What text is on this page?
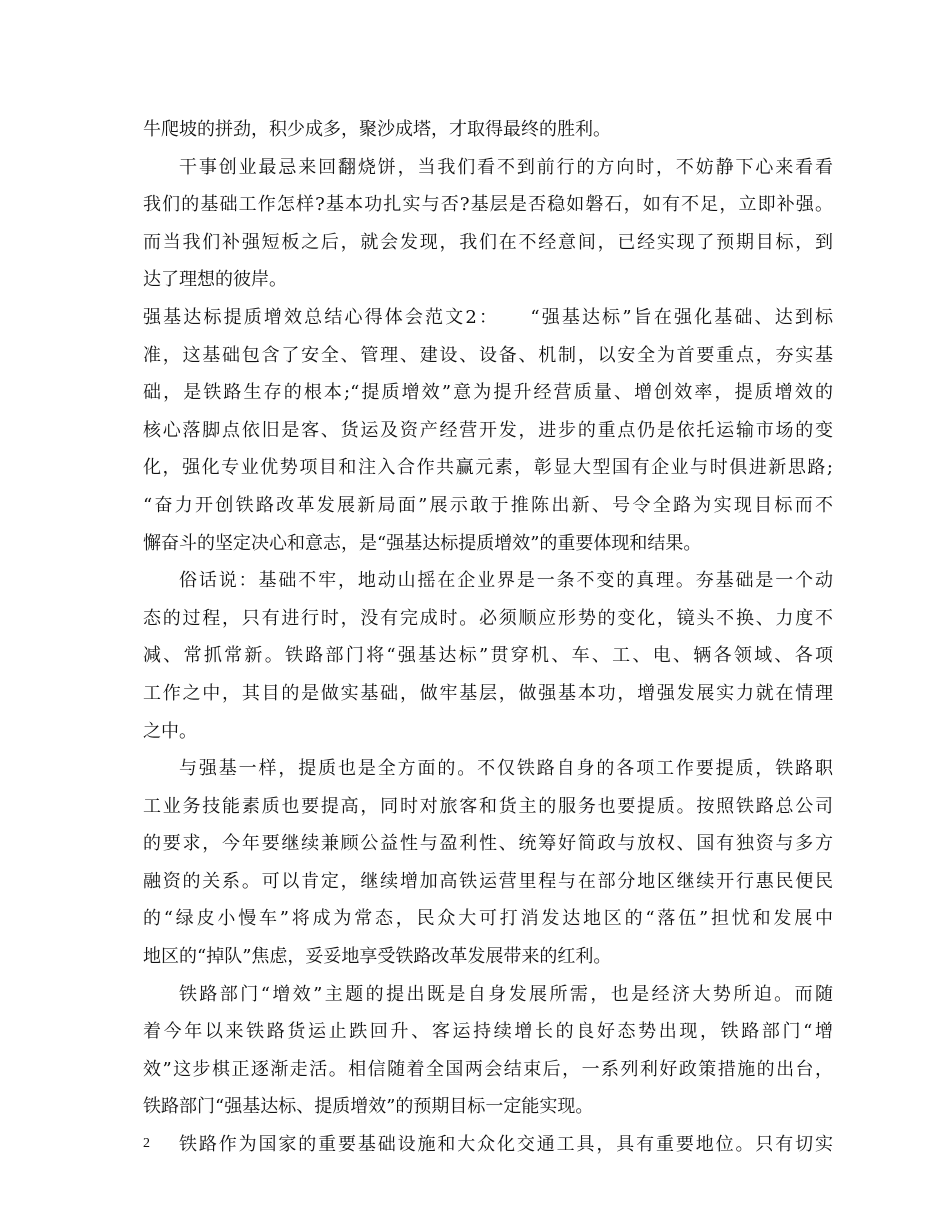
牛爬坡的拼劲，积少成多，聚沙成塔，才取得最终的胜利。
干事创业最忌来回翻烧饼，当我们看不到前行的方向时，不妨静下心来看看
我们的基础工作怎样?基本功扎实与否?基层是否稳如磐石，如有不足，立即补强。
而当我们补强短板之后，就会发现，我们在不经意间，已经实现了预期目标，到
达了理想的彼岸。
强基达标提质增效总结心得体会范文2：　　“强基达标”旨在强化基础、达到标
准，这基础包含了安全、管理、建设、设备、机制，以安全为首要重点，夯实基
础，是铁路生存的根本;“提质增效”意为提升经营质量、增创效率，提质增效的
核心落脚点依旧是客、货运及资产经营开发，进步的重点仍是依托运输市场的变
化，强化专业优势项目和注入合作共赢元素，彰显大型国有企业与时俱进新思路;
“奋力开创铁路改革发展新局面”展示敢于推陈出新、号令全路为实现目标而不
懈奋斗的坚定决心和意志，是“强基达标提质增效”的重要体现和结果。
俗话说：基础不牢，地动山摇在企业界是一条不变的真理。夯基础是一个动
态的过程，只有进行时，没有完成时。必须顺应形势的变化，镜头不换、力度不
减、常抓常新。铁路部门将“强基达标”贯穿机、车、工、电、辆各领域、各项
工作之中，其目的是做实基础，做牢基层，做强基本功，增强发展实力就在情理
之中。
与强基一样，提质也是全方面的。不仅铁路自身的各项工作要提质，铁路职
工业务技能素质也要提高，同时对旅客和货主的服务也要提质。按照铁路总公司
的要求，今年要继续兼顾公益性与盈利性、统筹好简政与放权、国有独资与多方
融资的关系。可以肯定，继续增加高铁运营里程与在部分地区继续开行惠民便民
的“绿皮小慢车”将成为常态，民众大可打消发达地区的“落伍”担忧和发展中
地区的“掉队”焦虑，妥妥地享受铁路改革发展带来的红利。
铁路部门“增效”主题的提出既是自身发展所需，也是经济大势所迫。而随
着今年以来铁路货运止跌回升、客运持续增长的良好态势出现，铁路部门“增
效”这步棋正逐渐走活。相信随着全国两会结束后，一系列利好政策措施的出台，
铁路部门“强基达标、提质增效”的预期目标一定能实现。
铁路作为国家的重要基础设施和大众化交通工具，具有重要地位。只有切实
2
